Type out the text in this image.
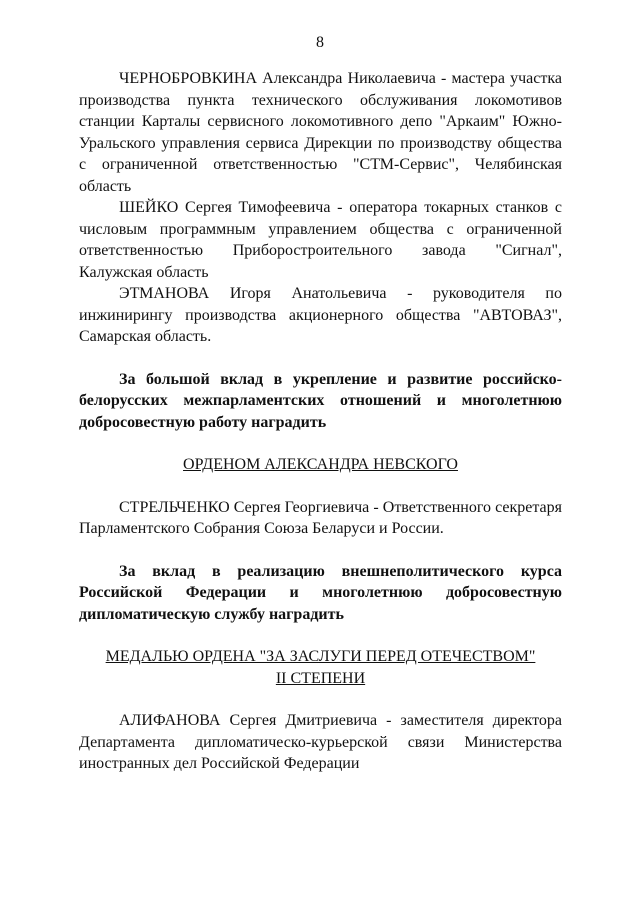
8

ЧЕРНОБРОВКИНА Александра Николаевича - мастера участка производства пункта технического обслуживания локомотивов станции Карталы сервисного локомотивного депо "Аркаим" Южно-Уральского управления сервиса Дирекции по производству общества с ограниченной ответственностью "СТМ-Сервис", Челябинская область

ШЕЙКО Сергея Тимофеевича - оператора токарных станков с числовым программным управлением общества с ограниченной ответственностью Приборостроительного завода "Сигнал", Калужская область

ЭТМАНОВА Игоря Анатольевича - руководителя по инжинирингу производства акционерного общества "АВТОВАЗ", Самарская область.

За большой вклад в укрепление и развитие российско-белорусских межпарламентских отношений и многолетнюю добросовестную работу наградить

ОРДЕНОМ АЛЕКСАНДРА НЕВСКОГО

СТРЕЛЬЧЕНКО Сергея Георгиевича - Ответственного секретаря Парламентского Собрания Союза Беларуси и России.

За вклад в реализацию внешнеполитического курса Российской Федерации и многолетнюю добросовестную дипломатическую службу наградить

МЕДАЛЬЮ ОРДЕНА "ЗА ЗАСЛУГИ ПЕРЕД ОТЕЧЕСТВОМ"

II СТЕПЕНИ

АЛИФАНОВА Сергея Дмитриевича - заместителя директора Департамента дипломатическо-курьерской связи Министерства иностранных дел Российской Федерации
